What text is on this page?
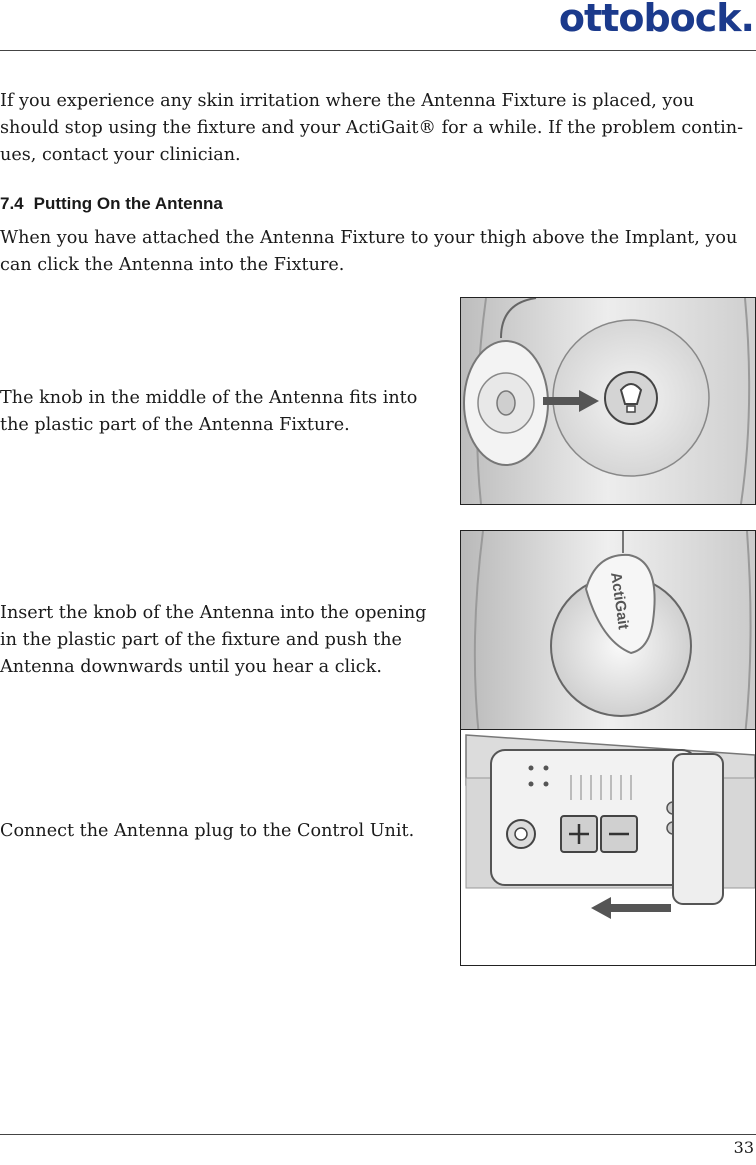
ottobock.

If you experience any skin irritation where the Antenna Fixture is placed, you should stop using the fixture and your ActiGait® for a while. If the problem contin-ues, contact your clinician.

7.4 Putting On the Antenna

When you have attached the Antenna Fixture to your thigh above the Implant, you can click the Antenna into the Fixture.

The knob in the middle of the Antenna fits into the plastic part of the Antenna Fixture.

Insert the knob of the Antenna into the opening in the plastic part of the fixture and push the Antenna downwards until you hear a click.

ActiGait

Connect the Antenna plug to the Control Unit.

33
